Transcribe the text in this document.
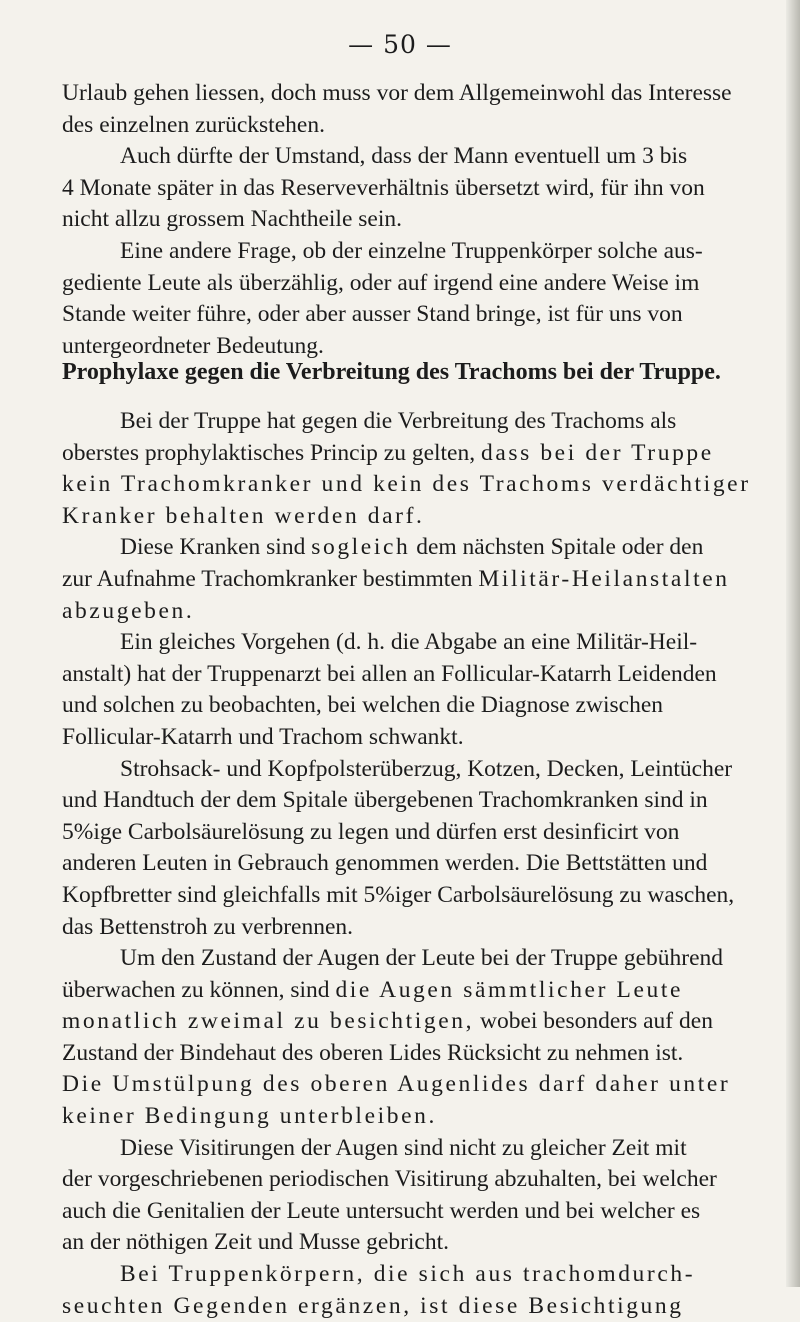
— 50 —
Urlaub gehen liessen, doch muss vor dem Allgemeinwohl das Interesse
des einzelnen zurückstehen.
Auch dürfte der Umstand, dass der Mann eventuell um 3 bis
4 Monate später in das Reserveverhältnis übersetzt wird, für ihn von
nicht allzu grossem Nachtheile sein.
Eine andere Frage, ob der einzelne Truppenkörper solche aus-
gediente Leute als überzählig, oder auf irgend eine andere Weise im
Stande weiter führe, oder aber ausser Stand bringe, ist für uns von
untergeordneter Bedeutung.
Prophylaxe gegen die Verbreitung des Trachoms bei der Truppe.
Bei der Truppe hat gegen die Verbreitung des Trachoms als
oberstes prophylaktisches Princip zu gelten, dass bei der Truppe
kein Trachomkranker und kein des Trachoms verdächtiger
Kranker behalten werden darf.
Diese Kranken sind sogleich dem nächsten Spitale oder den
zur Aufnahme Trachomkranker bestimmten Militär-Heilanstalten
abzugeben.
Ein gleiches Vorgehen (d. h. die Abgabe an eine Militär-Heil-
anstalt) hat der Truppenarzt bei allen an Follicular-Katarrh Leidenden
und solchen zu beobachten, bei welchen die Diagnose zwischen
Follicular-Katarrh und Trachom schwankt.
Strohsack- und Kopfpolsterüberzug, Kotzen, Decken, Leintücher
und Handtuch der dem Spitale übergebenen Trachomkranken sind in
5%ige Carbolsäurelösung zu legen und dürfen erst desinficirt von
anderen Leuten in Gebrauch genommen werden. Die Bettstätten und
Kopfbretter sind gleichfalls mit 5%iger Carbolsäurelösung zu waschen,
das Bettenstroh zu verbrennen.
Um den Zustand der Augen der Leute bei der Truppe gebührend
überwachen zu können, sind die Augen sämmtlicher Leute
monatlich zweimal zu besichtigen, wobei besonders auf den
Zustand der Bindehaut des oberen Lides Rücksicht zu nehmen ist.
Die Umstülpung des oberen Augenlides darf daher unter
keiner Bedingung unterbleiben.
Diese Visitirungen der Augen sind nicht zu gleicher Zeit mit
der vorgeschriebenen periodischen Visitirung abzuhalten, bei welcher
auch die Genitalien der Leute untersucht werden und bei welcher es
an der nöthigen Zeit und Musse gebricht.
Bei Truppenkörpern, die sich aus trachomdurch-
seuchten Gegenden ergänzen, ist diese Besichtigung
